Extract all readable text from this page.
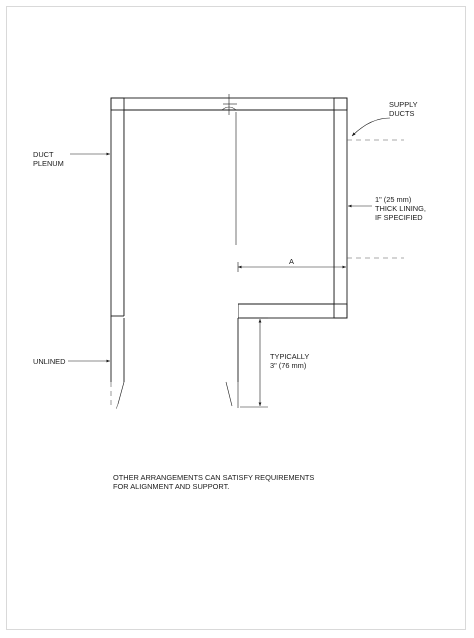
SUPPLY DUCTS
DUCT PLENUM
1" (25 mm) THICK LINING, IF SPECIFIED
A
UNLINED
TYPICALLY 3" (76 mm)
OTHER ARRANGEMENTS CAN SATISFY REQUIREMENTS FOR ALIGNMENT AND SUPPORT.
